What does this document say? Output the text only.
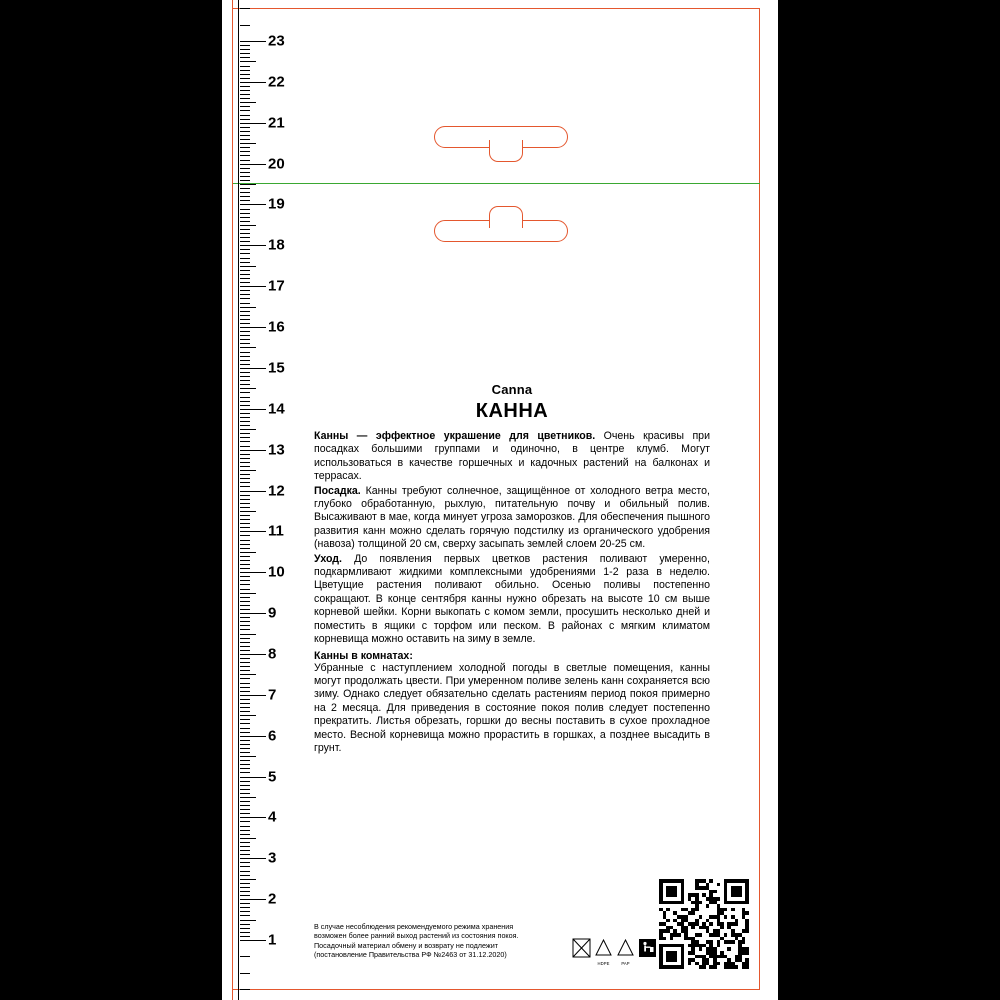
23
22
21
20
19
18
17
16
15
14
13
12
11
10
9
8
7
6
5
4
3
2
1
Canna
КАННА

Канны — эффектное украшение для цветников. Очень красивы при посадках большими группами и одиночно, в центре клумб. Могут использоваться в качестве горшечных и кадочных растений на балконах и террасах.

Посадка. Канны требуют солнечное, защищённое от холодного ветра место, глубоко обработанную, рыхлую, питательную почву и обильный полив. Высаживают в мае, когда минует угроза заморозков. Для обеспечения пышного развития канн можно сделать горячую подстилку из органического удобрения (навоза) толщиной 20 см, сверху засыпать землей слоем 20-25 см.

Уход. До появления первых цветков растения поливают умеренно, подкармливают жидкими комплексными удобрениями 1-2 раза в неделю. Цветущие растения поливают обильно. Осенью поливы постепенно сокращают. В конце сентября канны нужно обрезать на высоте 10 см выше корневой шейки. Корни выкопать с комом земли, просушить несколько дней и поместить в ящики с торфом или песком. В районах с мягким климатом корневища можно оставить на зиму в земле.

Канны в комнатах:

Убранные с наступлением холодной погоды в светлые помещения, канны могут продолжать цвести. При умеренном поливе зелень канн сохраняется всю зиму. Однако следует обязательно сделать растениям период покоя примерно на 2 месяца. Для приведения в состояние покоя полив следует постепенно прекратить. Листья обрезать, горшки до весны поставить в сухое прохладное место. Весной корневища можно прорастить в горшках, а позднее высадить в грунт.

В случае несоблюдения рекомендуемого режима хранения
возможен более ранний выход растений из состояния покоя.
Посадочный материал обмену и возврату не подлежит
(постановление Правительства РФ №2463 от 31.12.2020)
HDPE	PAP
